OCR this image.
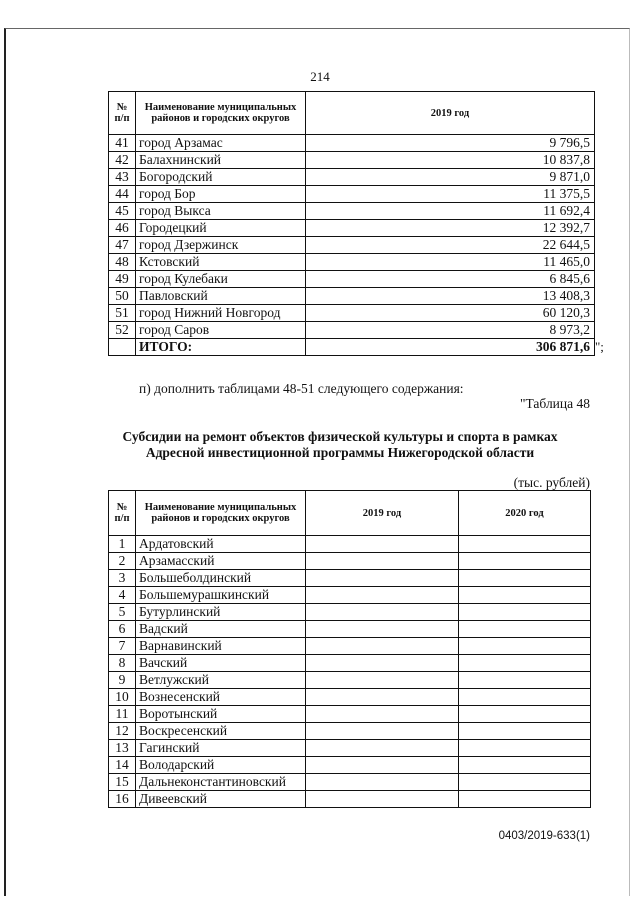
214
№ п/п	Наименование муниципальных районов и городских округов	2019 год
41	город Арзамас	9 796,5
42	Балахнинский	10 837,8
43	Богородский	9 871,0
44	город Бор	11 375,5
45	город Выкса	11 692,4
46	Городецкий	12 392,7
47	город Дзержинск	22 644,5
48	Кстовский	11 465,0
49	город Кулебаки	6 845,6
50	Павловский	13 408,3
51	город Нижний Новгород	60 120,3
52	город Саров	8 973,2
	ИТОГО:	306 871,6 ";
п) дополнить таблицами 48-51 следующего содержания:
"Таблица 48
Субсидии на ремонт объектов физической культуры и спорта в рамках Адресной инвестиционной программы Нижегородской области
(тыс. рублей)
№ п/п	Наименование муниципальных районов и городских округов	2019 год	2020 год
1	Ардатовский		
2	Арзамасский		
3	Большеболдинский		
4	Большемурашкинский		
5	Бутурлинский		
6	Вадский		
7	Варнавинский		
8	Вачский		
9	Ветлужский		
10	Вознесенский		
11	Воротынский		
12	Воскресенский		
13	Гагинский		
14	Володарский		
15	Дальнеконстантиновский		
16	Дивеевский		
0403/2019-633(1)
